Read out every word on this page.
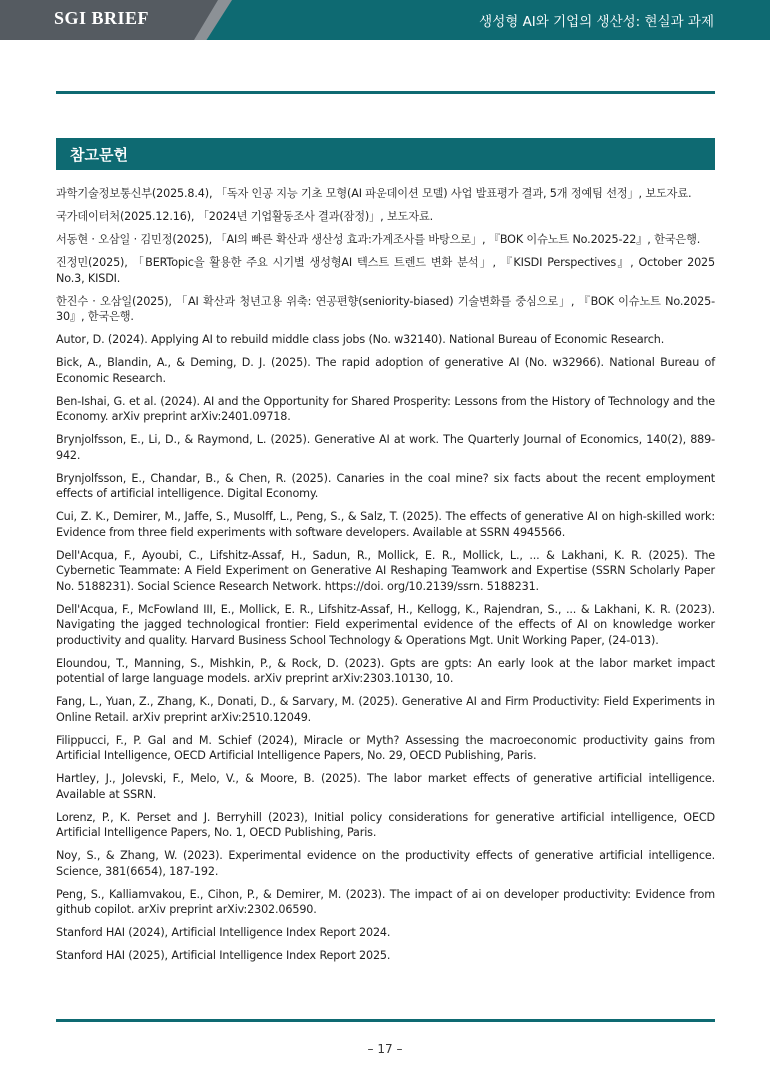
SGI BRIEF	생성형 AI와 기업의 생산성: 현실과 과제
참고문헌
과학기술정보통신부(2025.8.4), 「독자 인공 지능 기초 모형(AI 파운데이션 모델) 사업 발표평가 결과, 5개 정예팀 선정」, 보도자료.
국가데이터처(2025.12.16), 「2024년 기업활동조사 결과(잠정)」, 보도자료.
서동현 · 오삼일 · 김민정(2025), 「AI의 빠른 확산과 생산성 효과:가계조사를 바탕으로」, 『BOK 이슈노트 No.2025-22』, 한국은행.
진정민(2025), 「BERTopic을 활용한 주요 시기별 생성형AI 텍스트 트렌드 변화 분석」, 『KISDI Perspectives』, October 2025 No.3, KISDI.
한진수 · 오삼일(2025), 「AI 확산과 청년고용 위축: 연공편향(seniority-biased) 기술변화를 중심으로」, 『BOK 이슈노트 No.2025-30』, 한국은행.
Autor, D. (2024). Applying AI to rebuild middle class jobs (No. w32140). National Bureau of Economic Research.
Bick, A., Blandin, A., & Deming, D. J. (2025). The rapid adoption of generative AI (No. w32966). National Bureau of Economic Research.
Ben-Ishai, G. et al. (2024). AI and the Opportunity for Shared Prosperity: Lessons from the History of Technology and the Economy. arXiv preprint arXiv:2401.09718.
Brynjolfsson, E., Li, D., & Raymond, L. (2025). Generative AI at work. The Quarterly Journal of Economics, 140(2), 889-942.
Brynjolfsson, E., Chandar, B., & Chen, R. (2025). Canaries in the coal mine? six facts about the recent employment effects of artificial intelligence. Digital Economy.
Cui, Z. K., Demirer, M., Jaffe, S., Musolff, L., Peng, S., & Salz, T. (2025). The effects of generative AI on high-skilled work: Evidence from three field experiments with software developers. Available at SSRN 4945566.
Dell'Acqua, F., Ayoubi, C., Lifshitz-Assaf, H., Sadun, R., Mollick, E. R., Mollick, L., ... & Lakhani, K. R. (2025). The Cybernetic Teammate: A Field Experiment on Generative AI Reshaping Teamwork and Expertise (SSRN Scholarly Paper No. 5188231). Social Science Research Network. https://doi. org/10.2139/ssrn. 5188231.
Dell'Acqua, F., McFowland III, E., Mollick, E. R., Lifshitz-Assaf, H., Kellogg, K., Rajendran, S., ... & Lakhani, K. R. (2023). Navigating the jagged technological frontier: Field experimental evidence of the effects of AI on knowledge worker productivity and quality. Harvard Business School Technology & Operations Mgt. Unit Working Paper, (24-013).
Eloundou, T., Manning, S., Mishkin, P., & Rock, D. (2023). Gpts are gpts: An early look at the labor market impact potential of large language models. arXiv preprint arXiv:2303.10130, 10.
Fang, L., Yuan, Z., Zhang, K., Donati, D., & Sarvary, M. (2025). Generative AI and Firm Productivity: Field Experiments in Online Retail. arXiv preprint arXiv:2510.12049.
Filippucci, F., P. Gal and M. Schief (2024), Miracle or Myth? Assessing the macroeconomic productivity gains from Artificial Intelligence, OECD Artificial Intelligence Papers, No. 29, OECD Publishing, Paris.
Hartley, J., Jolevski, F., Melo, V., & Moore, B. (2025). The labor market effects of generative artificial intelligence. Available at SSRN.
Lorenz, P., K. Perset and J. Berryhill (2023), Initial policy considerations for generative artificial intelligence, OECD Artificial Intelligence Papers, No. 1, OECD Publishing, Paris.
Noy, S., & Zhang, W. (2023). Experimental evidence on the productivity effects of generative artificial intelligence. Science, 381(6654), 187-192.
Peng, S., Kalliamvakou, E., Cihon, P., & Demirer, M. (2023). The impact of ai on developer productivity: Evidence from github copilot. arXiv preprint arXiv:2302.06590.
Stanford HAI (2024), Artificial Intelligence Index Report 2024.
Stanford HAI (2025), Artificial Intelligence Index Report 2025.
– 17 –
